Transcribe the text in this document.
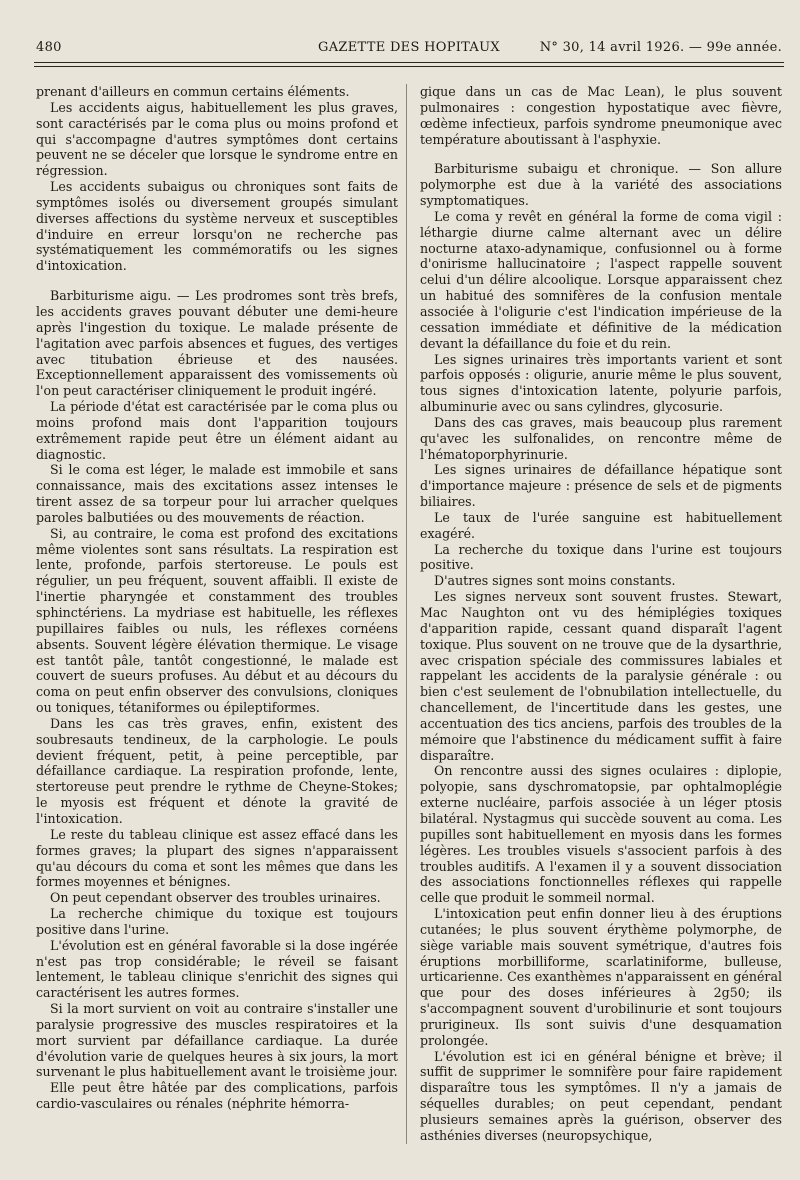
480	GAZETTE DES HOPITAUX	N° 30, 14 avril 1926. — 99e année.

prenant d'ailleurs en commun certains éléments.

Les accidents aigus, habituellement les plus graves, sont caractérisés par le coma plus ou moins profond et qui s'accompagne d'autres symptômes dont certains peuvent ne se déceler que lorsque le syndrome entre en régression.

Les accidents subaigus ou chroniques sont faits de symptômes isolés ou diversement groupés simulant diverses affections du système nerveux et susceptibles d'induire en erreur lorsqu'on ne recherche pas systématiquement les commémoratifs ou les signes d'intoxication.

Barbiturisme aigu. — Les prodromes sont très brefs, les accidents graves pouvant débuter une demi-heure après l'ingestion du toxique. Le malade présente de l'agitation avec parfois absences et fugues, des vertiges avec titubation ébrieuse et des nausées. Exceptionnellement apparaissent des vomissements où l'on peut caractériser cliniquement le produit ingéré.

La période d'état est caractérisée par le coma plus ou moins profond mais dont l'apparition toujours extrêmement rapide peut être un élément aidant au diagnostic.

Si le coma est léger, le malade est immobile et sans connaissance, mais des excitations assez intenses le tirent assez de sa torpeur pour lui arracher quelques paroles balbutiées ou des mouvements de réaction.

Si, au contraire, le coma est profond des excitations même violentes sont sans résultats. La respiration est lente, profonde, parfois stertoreuse. Le pouls est régulier, un peu fréquent, souvent affaibli. Il existe de l'inertie pharyngée et constamment des troubles sphinctériens. La mydriase est habituelle, les réflexes pupillaires faibles ou nuls, les réflexes cornéens absents. Souvent légère élévation thermique. Le visage est tantôt pâle, tantôt congestionné, le malade est couvert de sueurs profuses. Au début et au décours du coma on peut enfin observer des convulsions, cloniques ou toniques, tétaniformes ou épileptiformes.

Dans les cas très graves, enfin, existent des soubresauts tendineux, de la carphologie. Le pouls devient fréquent, petit, à peine perceptible, par défaillance cardiaque. La respiration profonde, lente, stertoreuse peut prendre le rythme de Cheyne-Stokes; le myosis est fréquent et dénote la gravité de l'intoxication.

Le reste du tableau clinique est assez effacé dans les formes graves; la plupart des signes n'apparaissent qu'au décours du coma et sont les mêmes que dans les formes moyennes et bénignes.

On peut cependant observer des troubles urinaires.

La recherche chimique du toxique est toujours positive dans l'urine.

L'évolution est en général favorable si la dose ingérée n'est pas trop considérable; le réveil se faisant lentement, le tableau clinique s'enrichit des signes qui caractérisent les autres formes.

Si la mort survient on voit au contraire s'installer une paralysie progressive des muscles respiratoires et la mort survient par défaillance cardiaque. La durée d'évolution varie de quelques heures à six jours, la mort survenant le plus habituellement avant le troisième jour.

Elle peut être hâtée par des complications, parfois cardio-vasculaires ou rénales (néphrite hémorra-

gique dans un cas de Mac Lean), le plus souvent pulmonaires : congestion hypostatique avec fièvre, œdème infectieux, parfois syndrome pneumonique avec température aboutissant à l'asphyxie.

Barbiturisme subaigu et chronique. — Son allure polymorphe est due à la variété des associations symptomatiques.

Le coma y revêt en général la forme de coma vigil : léthargie diurne calme alternant avec un délire nocturne ataxo-adynamique, confusionnel ou à forme d'onirisme hallucinatoire ; l'aspect rappelle souvent celui d'un délire alcoolique. Lorsque apparaissent chez un habitué des somnifères de la confusion mentale associée à l'oligurie c'est l'indication impérieuse de la cessation immédiate et définitive de la médication devant la défaillance du foie et du rein.

Les signes urinaires très importants varient et sont parfois opposés : oligurie, anurie même le plus souvent, tous signes d'intoxication latente, polyurie parfois, albuminurie avec ou sans cylindres, glycosurie.

Dans des cas graves, mais beaucoup plus rarement qu'avec les sulfonalides, on rencontre même de l'hématoporphyrinurie.

Les signes urinaires de défaillance hépatique sont d'importance majeure : présence de sels et de pigments biliaires.

Le taux de l'urée sanguine est habituellement exagéré.

La recherche du toxique dans l'urine est toujours positive.

D'autres signes sont moins constants.

Les signes nerveux sont souvent frustes. Stewart, Mac Naughton ont vu des hémiplégies toxiques d'apparition rapide, cessant quand disparaît l'agent toxique. Plus souvent on ne trouve que de la dysarthrie, avec crispation spéciale des commissures labiales et rappelant les accidents de la paralysie générale : ou bien c'est seulement de l'obnubilation intellectuelle, du chancellement, de l'incertitude dans les gestes, une accentuation des tics anciens, parfois des troubles de la mémoire que l'abstinence du médicament suffit à faire disparaître.

On rencontre aussi des signes oculaires : diplopie, polyopie, sans dyschromatopsie, par ophtalmoplégie externe nucléaire, parfois associée à un léger ptosis bilatéral. Nystagmus qui succède souvent au coma. Les pupilles sont habituellement en myosis dans les formes légères. Les troubles visuels s'associent parfois à des troubles auditifs. A l'examen il y a souvent dissociation des associations fonctionnelles réflexes qui rappelle celle que produit le sommeil normal.

L'intoxication peut enfin donner lieu à des éruptions cutanées; le plus souvent érythème polymorphe, de siège variable mais souvent symétrique, d'autres fois éruptions morbilliforme, scarlatiniforme, bulleuse, urticarienne. Ces exanthèmes n'apparaissent en général que pour des doses inférieures à 2g50; ils s'accompagnent souvent d'urobilinurie et sont toujours prurigineux. Ils sont suivis d'une desquamation prolongée.

L'évolution est ici en général bénigne et brève; il suffit de supprimer le somnifère pour faire rapidement disparaître tous les symptômes. Il n'y a jamais de séquelles durables; on peut cependant, pendant plusieurs semaines après la guérison, observer des asthénies diverses (neuropsychique,
